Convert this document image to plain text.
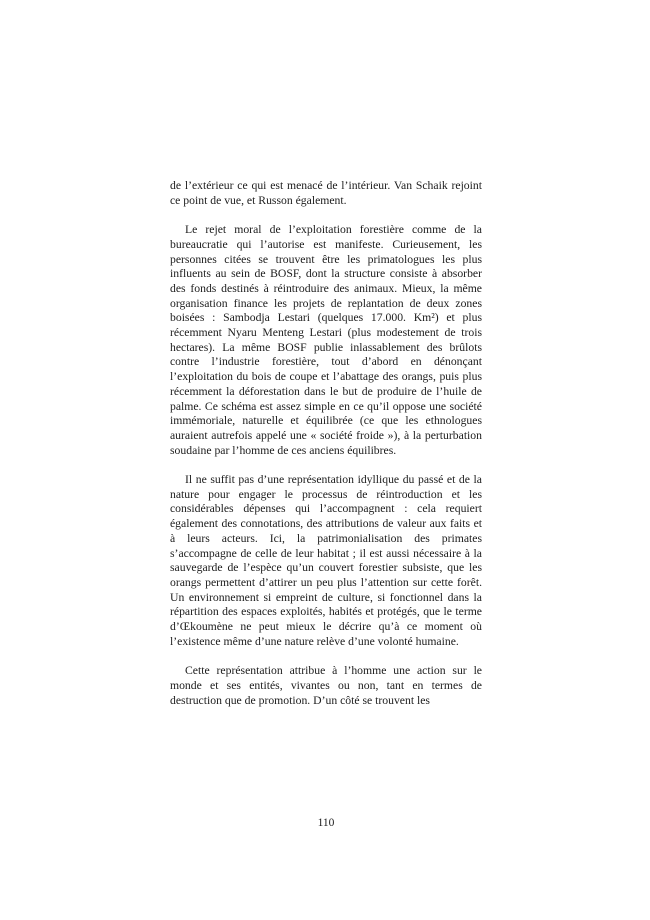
de l’extérieur ce qui est menacé de l’intérieur. Van Schaik rejoint ce point de vue, et Russon également.

Le rejet moral de l’exploitation forestière comme de la bureaucratie qui l’autorise est manifeste. Curieusement, les personnes citées se trouvent être les primatologues les plus influents au sein de BOSF, dont la structure consiste à absorber des fonds destinés à réintroduire des animaux. Mieux, la même organisation finance les projets de replantation de deux zones boisées : Sambodja Lestari (quelques 17.000. Km²) et plus récemment Nyaru Menteng Lestari (plus modestement de trois hectares). La même BOSF publie inlassablement des brûlots contre l’industrie forestière, tout d’abord en dénonçant l’exploitation du bois de coupe et l’abattage des orangs, puis plus récemment la déforestation dans le but de produire de l’huile de palme. Ce schéma est assez simple en ce qu’il oppose une société immémoriale, naturelle et équilibrée (ce que les ethnologues auraient autrefois appelé une « société froide »), à la perturbation soudaine par l’homme de ces anciens équilibres.

Il ne suffit pas d’une représentation idyllique du passé et de la nature pour engager le processus de réintroduction et les considérables dépenses qui l’accompagnent : cela requiert également des connotations, des attributions de valeur aux faits et à leurs acteurs. Ici, la patrimonialisation des primates s’accompagne de celle de leur habitat ; il est aussi nécessaire à la sauvegarde de l’espèce qu’un couvert forestier subsiste, que les orangs permettent d’attirer un peu plus l’attention sur cette forêt. Un environnement si empreint de culture, si fonctionnel dans la répartition des espaces exploités, habités et protégés, que le terme d’Œkoumène ne peut mieux le décrire qu’à ce moment où l’existence même d’une nature relève d’une volonté humaine.

Cette représentation attribue à l’homme une action sur le monde et ses entités, vivantes ou non, tant en termes de destruction que de promotion. D’un côté se trouvent les

110
